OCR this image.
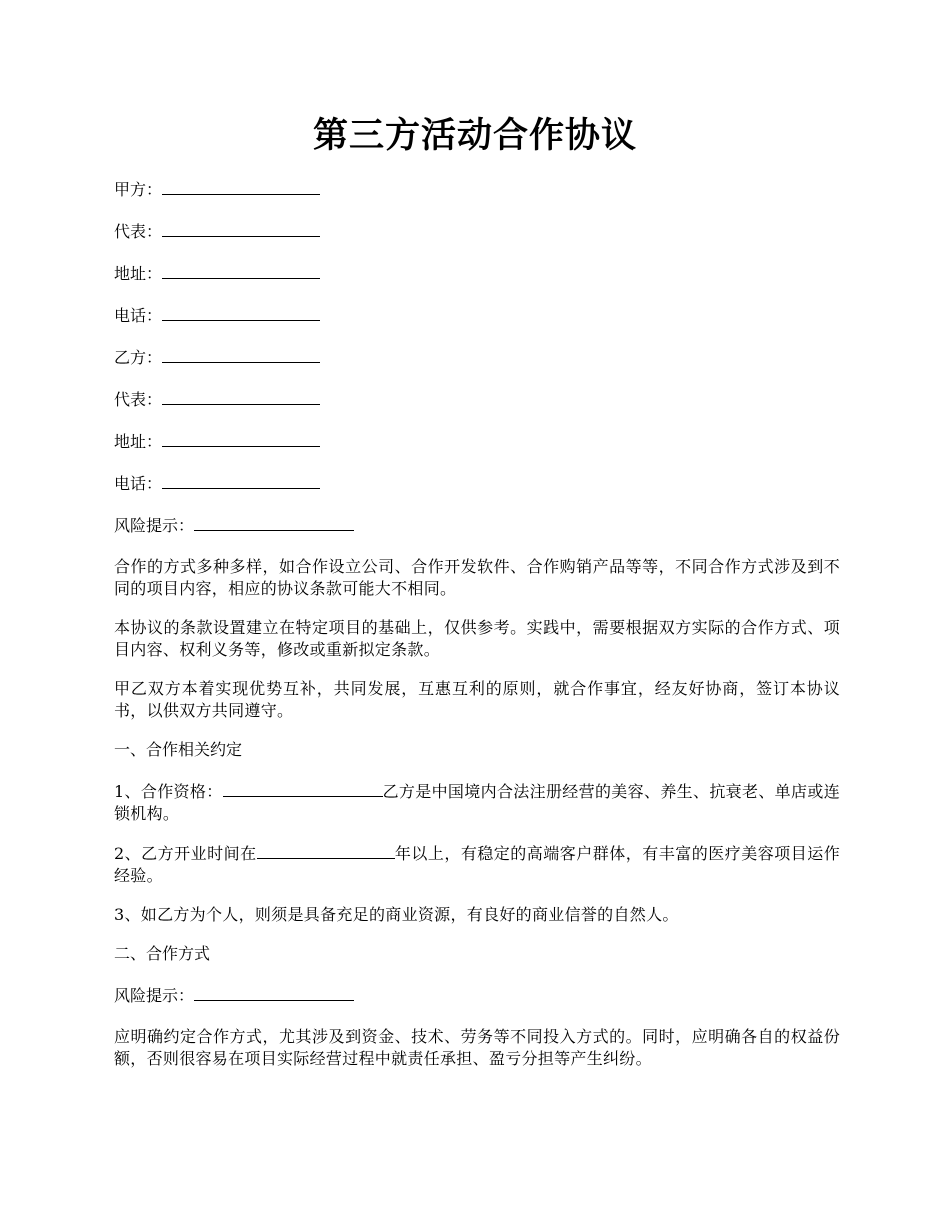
第三方活动合作协议

甲方：

代表：

地址：

电话：

乙方：

代表：

地址：

电话：

风险提示：

合作的方式多种多样，如合作设立公司、合作开发软件、合作购销产品等等，不同合作方式涉及到不同的项目内容，相应的协议条款可能大不相同。

本协议的条款设置建立在特定项目的基础上，仅供参考。实践中，需要根据双方实际的合作方式、项目内容、权利义务等，修改或重新拟定条款。

甲乙双方本着实现优势互补，共同发展，互惠互利的原则，就合作事宜，经友好协商，签订本协议书，以供双方共同遵守。

一、合作相关约定

1、合作资格：	乙方是中国境内合法注册经营的美容、养生、抗衰老、单店或连锁机构。

2、乙方开业时间在	年以上，有稳定的高端客户群体，有丰富的医疗美容项目运作经验。

3、如乙方为个人，则须是具备充足的商业资源，有良好的商业信誉的自然人。

二、合作方式

风险提示：

应明确约定合作方式，尤其涉及到资金、技术、劳务等不同投入方式的。同时，应明确各自的权益份额，否则很容易在项目实际经营过程中就责任承担、盈亏分担等产生纠纷。
